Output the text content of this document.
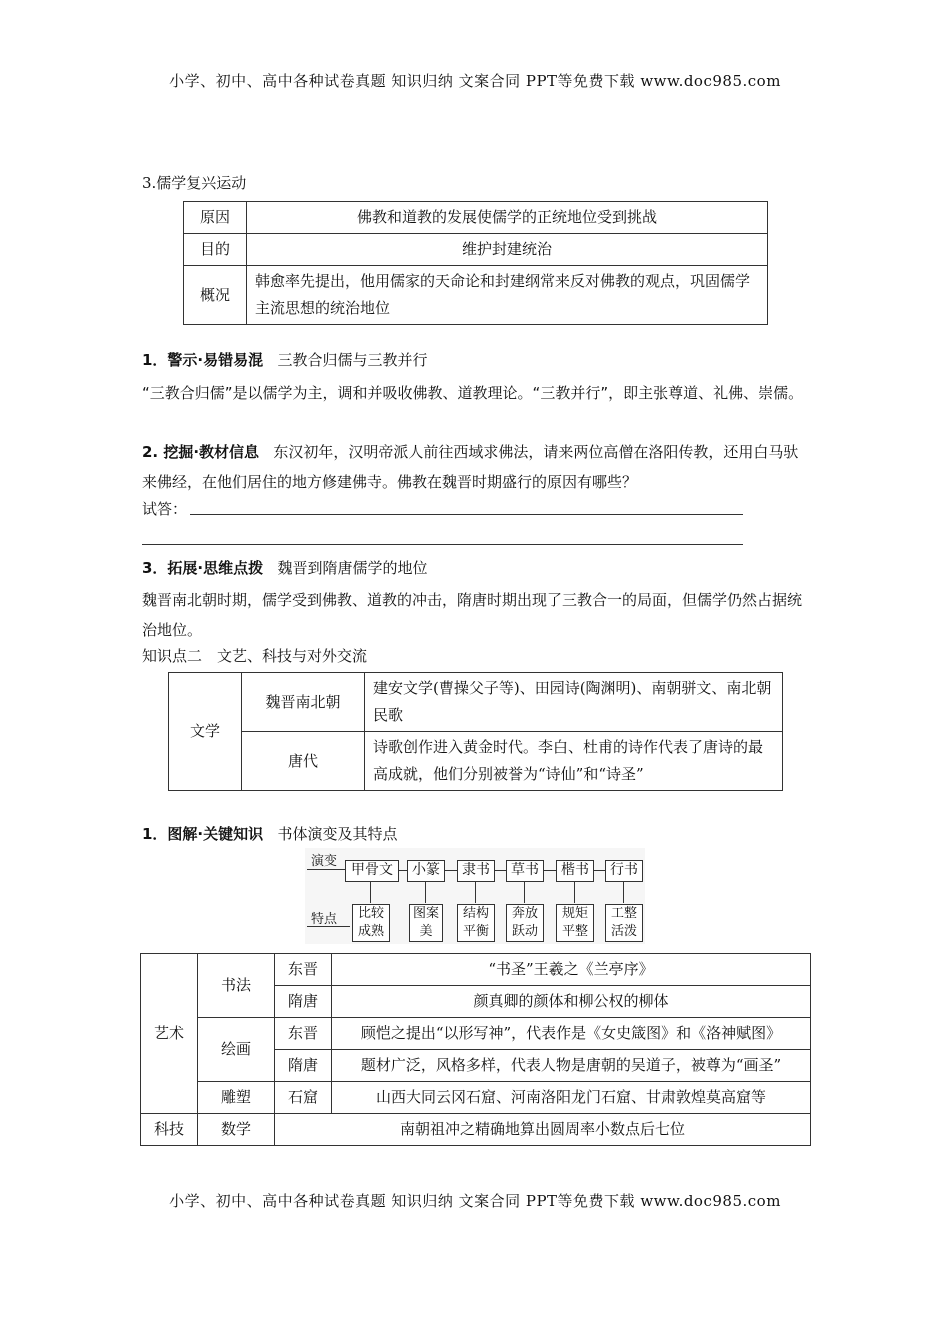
小学、初中、高中各种试卷真题 知识归纳 文案合同 PPT等免费下载 www.doc985.com
3.儒学复兴运动
原因	佛教和道教的发展使儒学的正统地位受到挑战
目的	维护封建统治
概况	韩愈率先提出，他用儒家的天命论和封建纲常来反对佛教的观点，巩固儒学主流思想的统治地位
1．警示·易错易混 三教合归儒与三教并行
“三教合归儒”是以儒学为主，调和并吸收佛教、道教理论。“三教并行”，即主张尊道、礼佛、崇儒。
2. 挖掘·教材信息 东汉初年，汉明帝派人前往西域求佛法，请来两位高僧在洛阳传教，还用白马驮来佛经，在他们居住的地方修建佛寺。佛教在魏晋时期盛行的原因有哪些？
试答：
3．拓展·思维点拨 魏晋到隋唐儒学的地位
魏晋南北朝时期，儒学受到佛教、道教的冲击，隋唐时期出现了三教合一的局面，但儒学仍然占据统治地位。
知识点二　文艺、科技与对外交流
文学	魏晋南北朝	建安文学(曹操父子等)、田园诗(陶渊明)、南朝骈文、南北朝民歌
	唐代	诗歌创作进入黄金时代。李白、杜甫的诗作代表了唐诗的最高成就，他们分别被誉为“诗仙”和“诗圣”
1．图解·关键知识 书体演变及其特点
演变
特点
甲骨文	小篆	隶书	草书	楷书	行书
比较成熟
图案美
结构平衡
奔放跃动
规矩平整
工整活泼
艺术	书法	东晋	“书圣”王羲之《兰亭序》
		隋唐	颜真卿的颜体和柳公权的柳体
	绘画	东晋	顾恺之提出“以形写神”，代表作是《女史箴图》和《洛神赋图》
		隋唐	题材广泛，风格多样，代表人物是唐朝的吴道子，被尊为“画圣”
	雕塑	石窟	山西大同云冈石窟、河南洛阳龙门石窟、甘肃敦煌莫高窟等

科技	数学	南朝祖冲之精确地算出圆周率小数点后七位	
小学、初中、高中各种试卷真题 知识归纳 文案合同 PPT等免费下载 www.doc985.com
